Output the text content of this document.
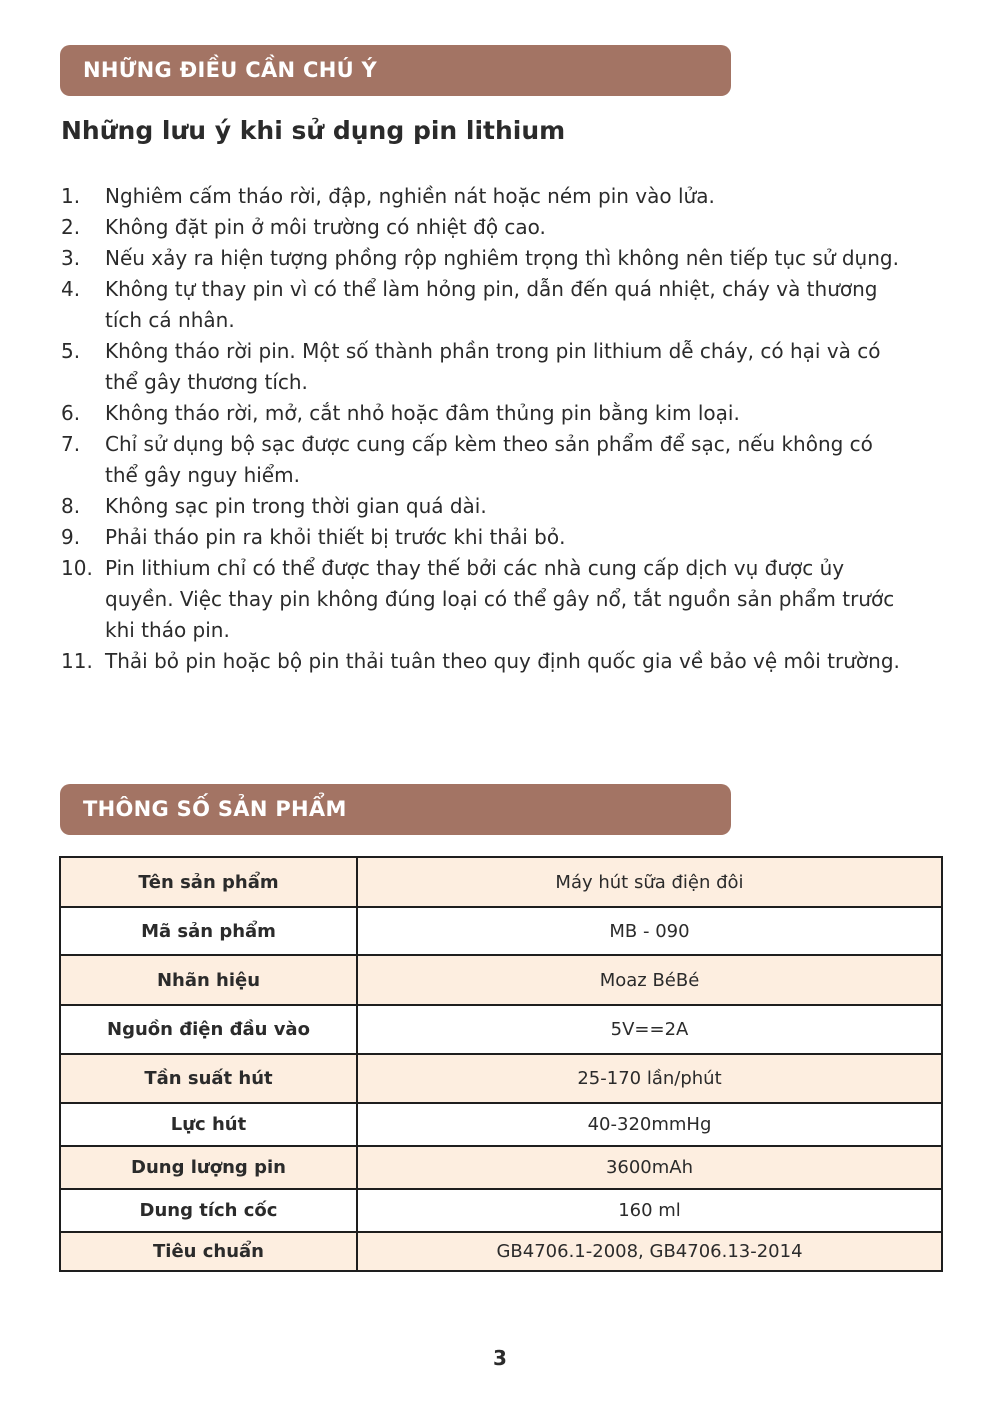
NHỮNG ĐIỀU CẦN CHÚ Ý
Những lưu ý khi sử dụng pin lithium
1. Nghiêm cấm tháo rời, đập, nghiền nát hoặc ném pin vào lửa.
2. Không đặt pin ở môi trường có nhiệt độ cao.
3. Nếu xảy ra hiện tượng phồng rộp nghiêm trọng thì không nên tiếp tục sử dụng.
4. Không tự thay pin vì có thể làm hỏng pin, dẫn đến quá nhiệt, cháy và thương tích cá nhân.
5. Không tháo rời pin. Một số thành phần trong pin lithium dễ cháy, có hại và có thể gây thương tích.
6. Không tháo rời, mở, cắt nhỏ hoặc đâm thủng pin bằng kim loại.
7. Chỉ sử dụng bộ sạc được cung cấp kèm theo sản phẩm để sạc, nếu không có thể gây nguy hiểm.
8. Không sạc pin trong thời gian quá dài.
9. Phải tháo pin ra khỏi thiết bị trước khi thải bỏ.
10. Pin lithium chỉ có thể được thay thế bởi các nhà cung cấp dịch vụ được ủy quyền. Việc thay pin không đúng loại có thể gây nổ, tắt nguồn sản phẩm trước khi tháo pin.
11. Thải bỏ pin hoặc bộ pin thải tuân theo quy định quốc gia về bảo vệ môi trường.
THÔNG SỐ SẢN PHẨM
Tên sản phẩm	Máy hút sữa điện đôi
Mã sản phẩm	MB - 090
Nhãn hiệu	Moaz BéBé
Nguồn điện đầu vào	5V==2A
Tần suất hút	25-170 lần/phút
Lực hút	40-320mmHg
Dung lượng pin	3600mAh
Dung tích cốc	160 ml
Tiêu chuẩn	GB4706.1-2008, GB4706.13-2014
3
